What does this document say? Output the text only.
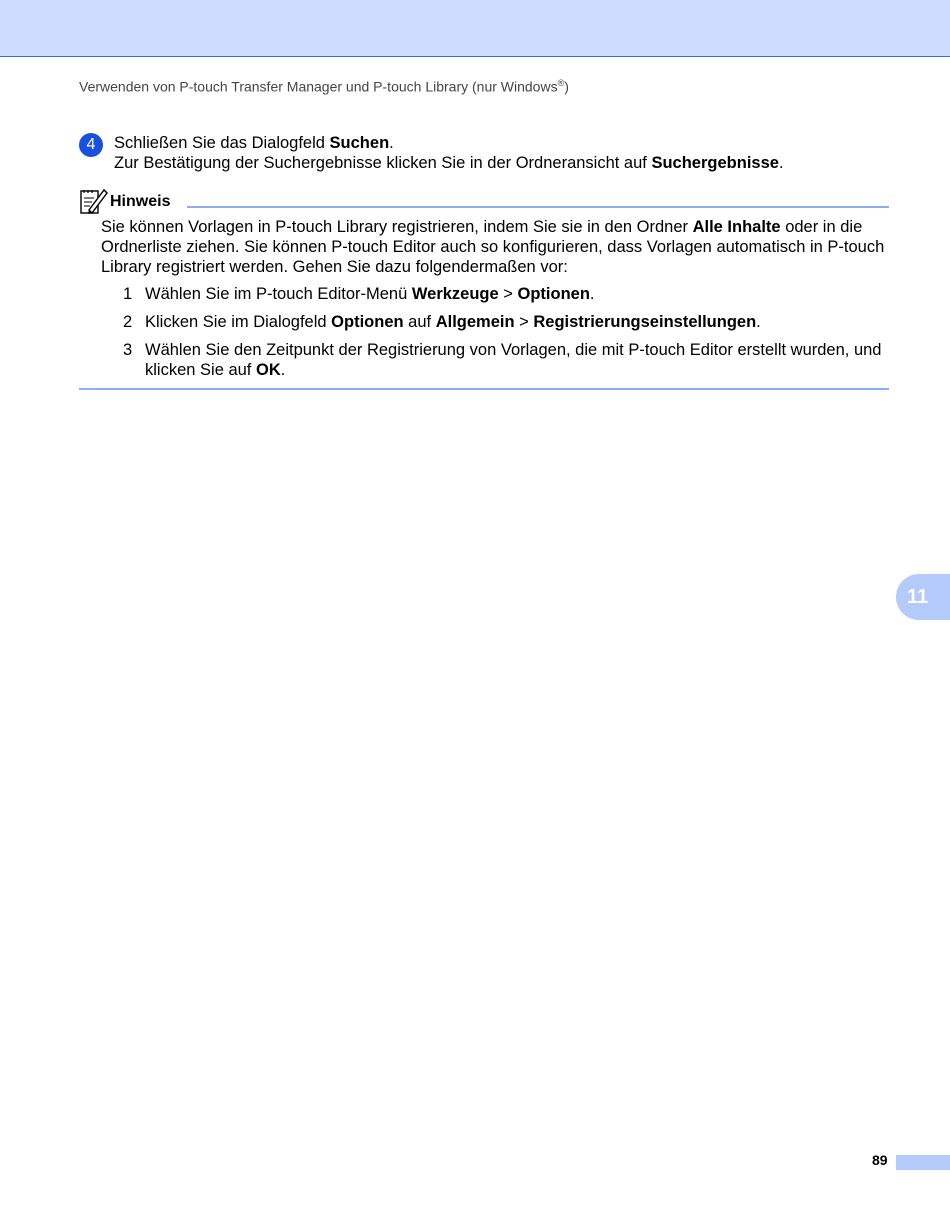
Verwenden von P-touch Transfer Manager und P-touch Library (nur Windows®)
4	Schließen Sie das Dialogfeld Suchen.
Zur Bestätigung der Suchergebnisse klicken Sie in der Ordneransicht auf Suchergebnisse.
Hinweis
Sie können Vorlagen in P-touch Library registrieren, indem Sie sie in den Ordner Alle Inhalte oder in die Ordnerliste ziehen. Sie können P-touch Editor auch so konfigurieren, dass Vorlagen automatisch in P-touch Library registriert werden. Gehen Sie dazu folgendermaßen vor:
1 Wählen Sie im P-touch Editor-Menü Werkzeuge > Optionen.
2 Klicken Sie im Dialogfeld Optionen auf Allgemein > Registrierungseinstellungen.
3 Wählen Sie den Zeitpunkt der Registrierung von Vorlagen, die mit P-touch Editor erstellt wurden, und klicken Sie auf OK.
11
89
